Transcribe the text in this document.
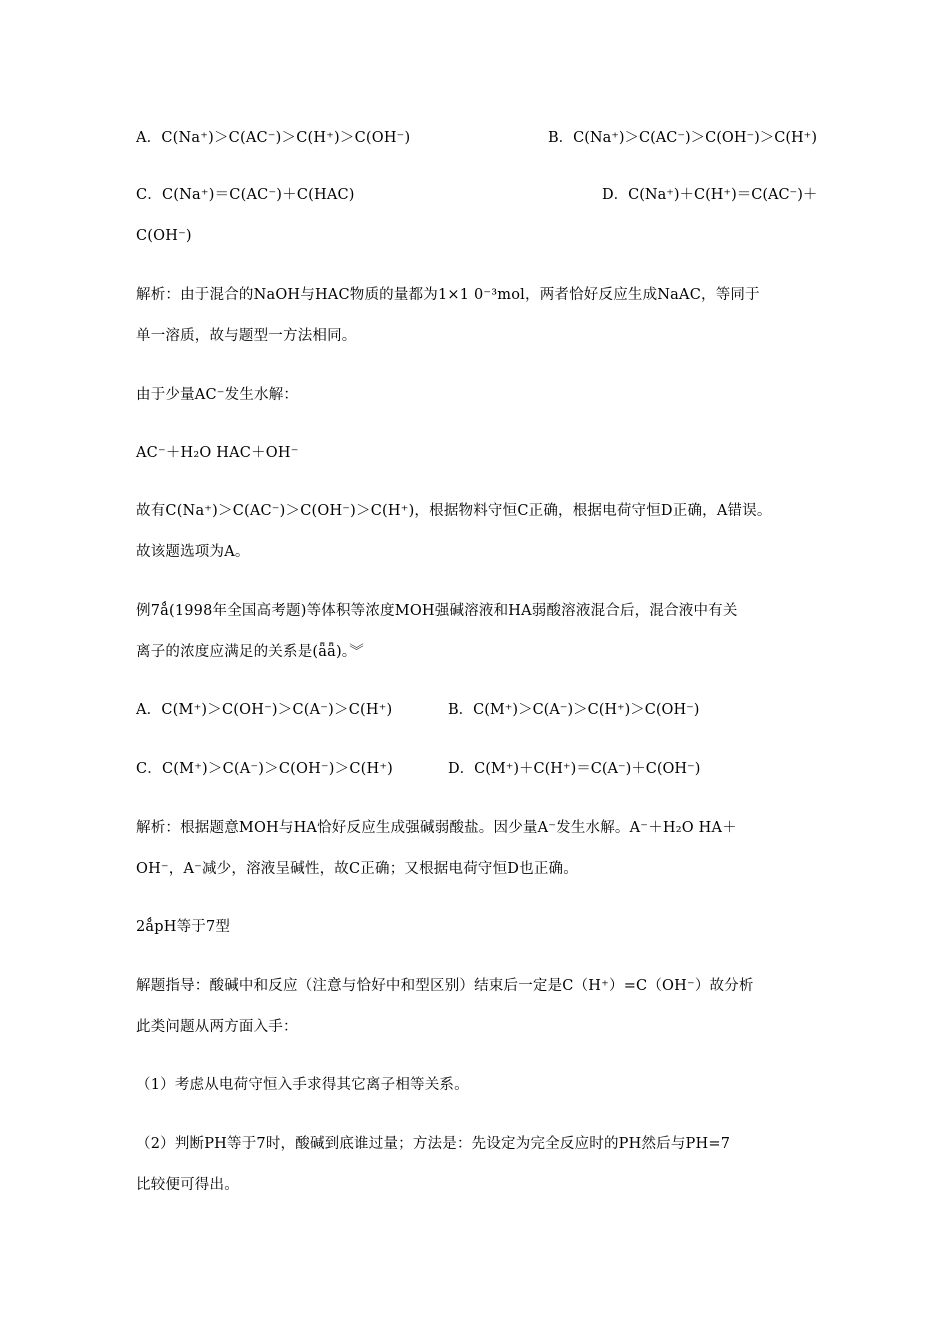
A．C(Na⁺)＞C(AC⁻)＞C(H⁺)＞C(OH⁻)	B．C(Na⁺)＞C(AC⁻)＞C(OH⁻)＞C(H⁺)
C．C(Na⁺)＝C(AC⁻)＋C(HAC)	D．C(Na⁺)＋C(H⁺)＝C(AC⁻)＋
C(OH⁻)
解析：由于混合的NaOH与HAC物质的量都为1×1 0⁻³mol，两者恰好反应生成NaAC，等同于
单一溶质，故与题型一方法相同。
由于少量AC⁻发生水解：
AC⁻＋H₂O HAC＋OH⁻
故有C(Na⁺)＞C(AC⁻)＞C(OH⁻)＞C(H⁺)，根据物料守恒C正确，根据电荷守恒D正确，A错误。
故该题选项为A。
例7ǻ(1998年全国高考题)等体积等浓度MOH强碱溶液和HA弱酸溶液混合后，混合液中有关
离子的浓度应满足的关系是(ǟǟ)。︾
A．C(M⁺)＞C(OH⁻)＞C(A⁻)＞C(H⁺)	B．C(M⁺)＞C(A⁻)＞C(H⁺)＞C(OH⁻)
C．C(M⁺)＞C(A⁻)＞C(OH⁻)＞C(H⁺)	D．C(M⁺)＋C(H⁺)＝C(A⁻)＋C(OH⁻)
解析：根据题意MOH与HA恰好反应生成强碱弱酸盐。因少量A⁻发生水解。A⁻＋H₂O HA＋
OH⁻，A⁻减少，溶液呈碱性，故C正确；又根据电荷守恒D也正确。
2ǻpH等于7型
解题指导：酸碱中和反应（注意与恰好中和型区别）结束后一定是C（H⁺）=C（OH⁻）故分析
此类问题从两方面入手：
（1）考虑从电荷守恒入手求得其它离子相等关系。
（2）判断PH等于7时，酸碱到底谁过量；方法是：先设定为完全反应时的PH然后与PH=7
比较便可得出。
